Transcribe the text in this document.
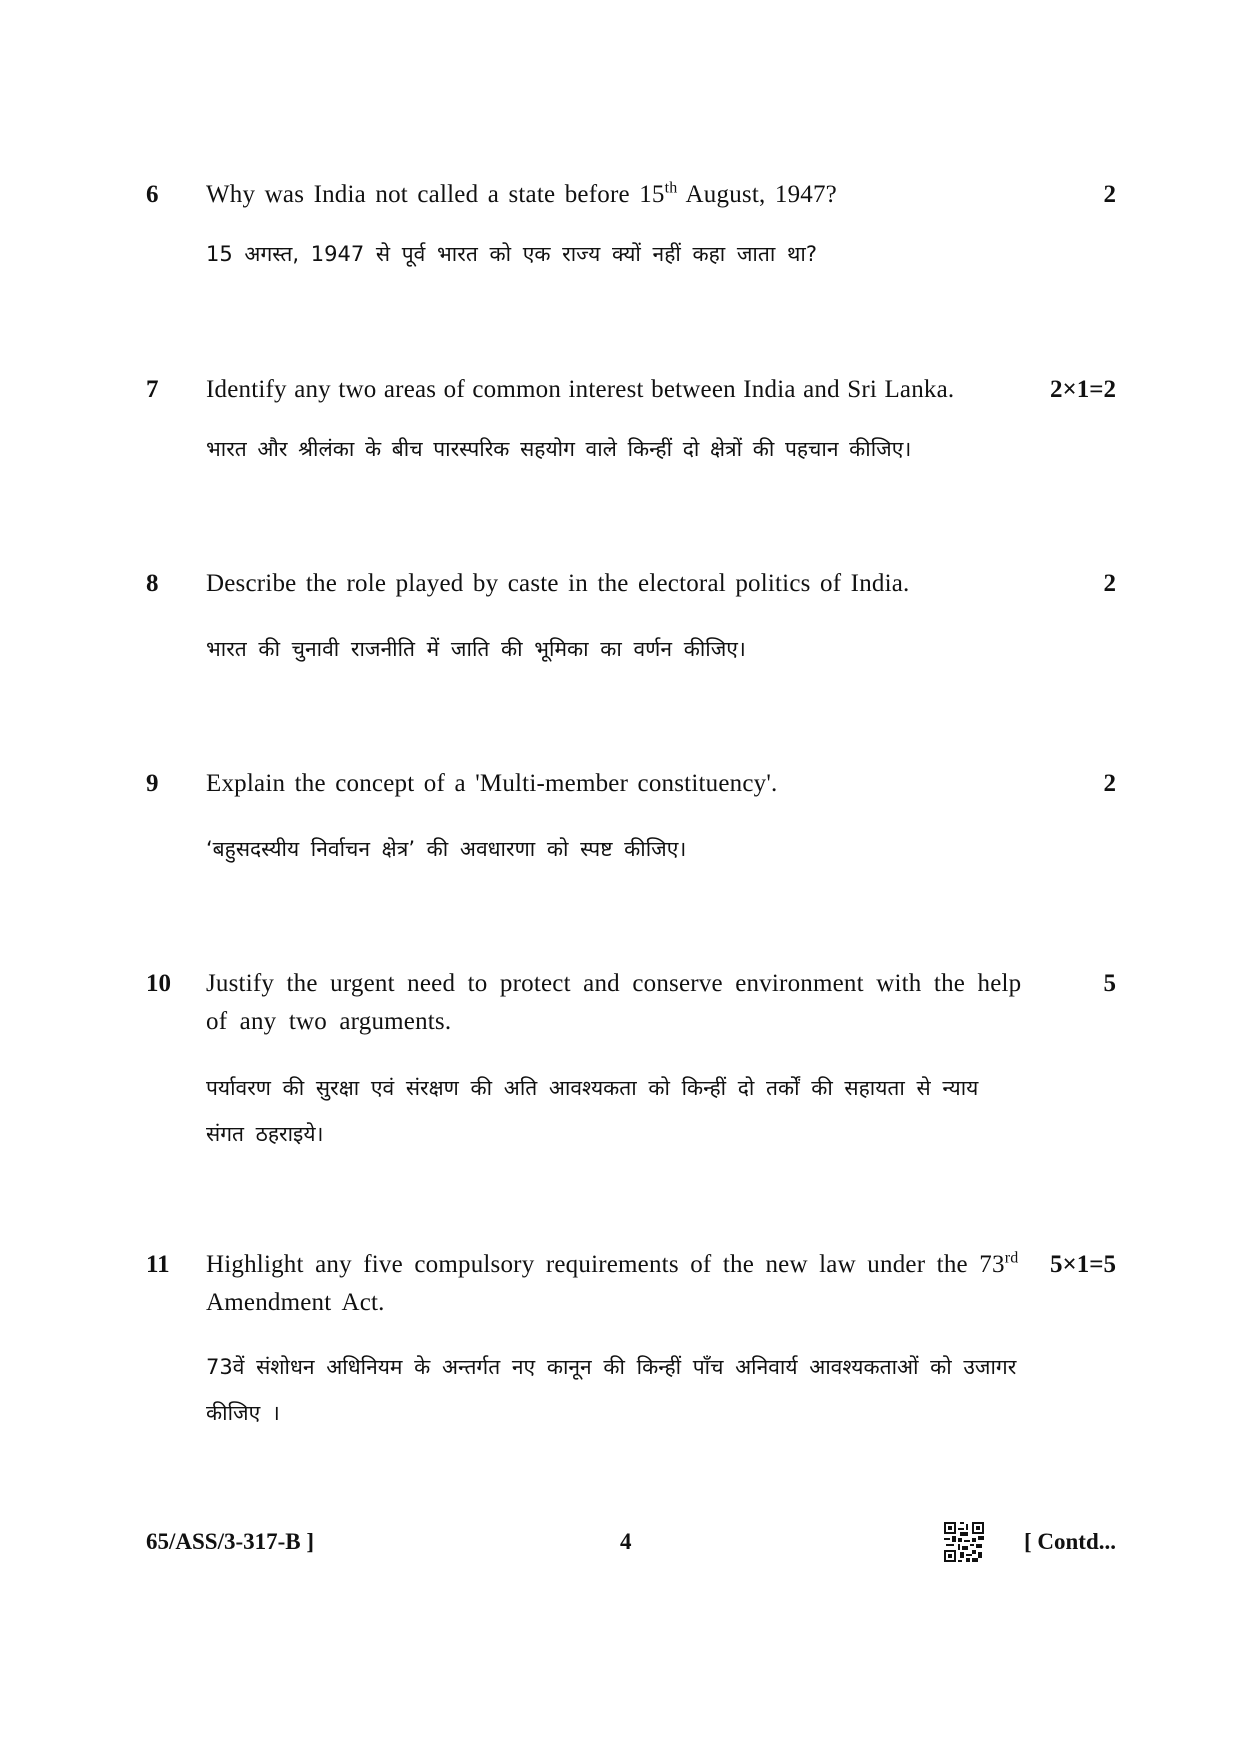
6 Why was India not called a state before 15th August, 1947?	2
15 अगस्त, 1947 से पूर्व भारत को एक राज्य क्यों नहीं कहा जाता था?
7 Identify any two areas of common interest between India and Sri Lanka.	2×1=2
भारत और श्रीलंका के बीच पारस्परिक सहयोग वाले किन्हीं दो क्षेत्रों की पहचान कीजिए।
8 Describe the role played by caste in the electoral politics of India.	2
भारत की चुनावी राजनीति में जाति की भूमिका का वर्णन कीजिए।
9 Explain the concept of a 'Multi-member constituency'.	2
‘बहुसदस्यीय निर्वाचन क्षेत्र’ की अवधारणा को स्पष्ट कीजिए।
10 Justify the urgent need to protect and conserve environment with the help of any two arguments.
5
पर्यावरण की सुरक्षा एवं संरक्षण की अति आवश्यकता को किन्हीं दो तर्कों की सहायता से न्याय संगत ठहराइये।
11 Highlight any five compulsory requirements of the new law under the 73rd Amendment Act.
5×1=5
73वें संशोधन अधिनियम के अन्तर्गत नए कानून की किन्हीं पाँच अनिवार्य आवश्यकताओं को उजागर कीजिए ।
65/ASS/3-317-B ]	4	[ Contd...
